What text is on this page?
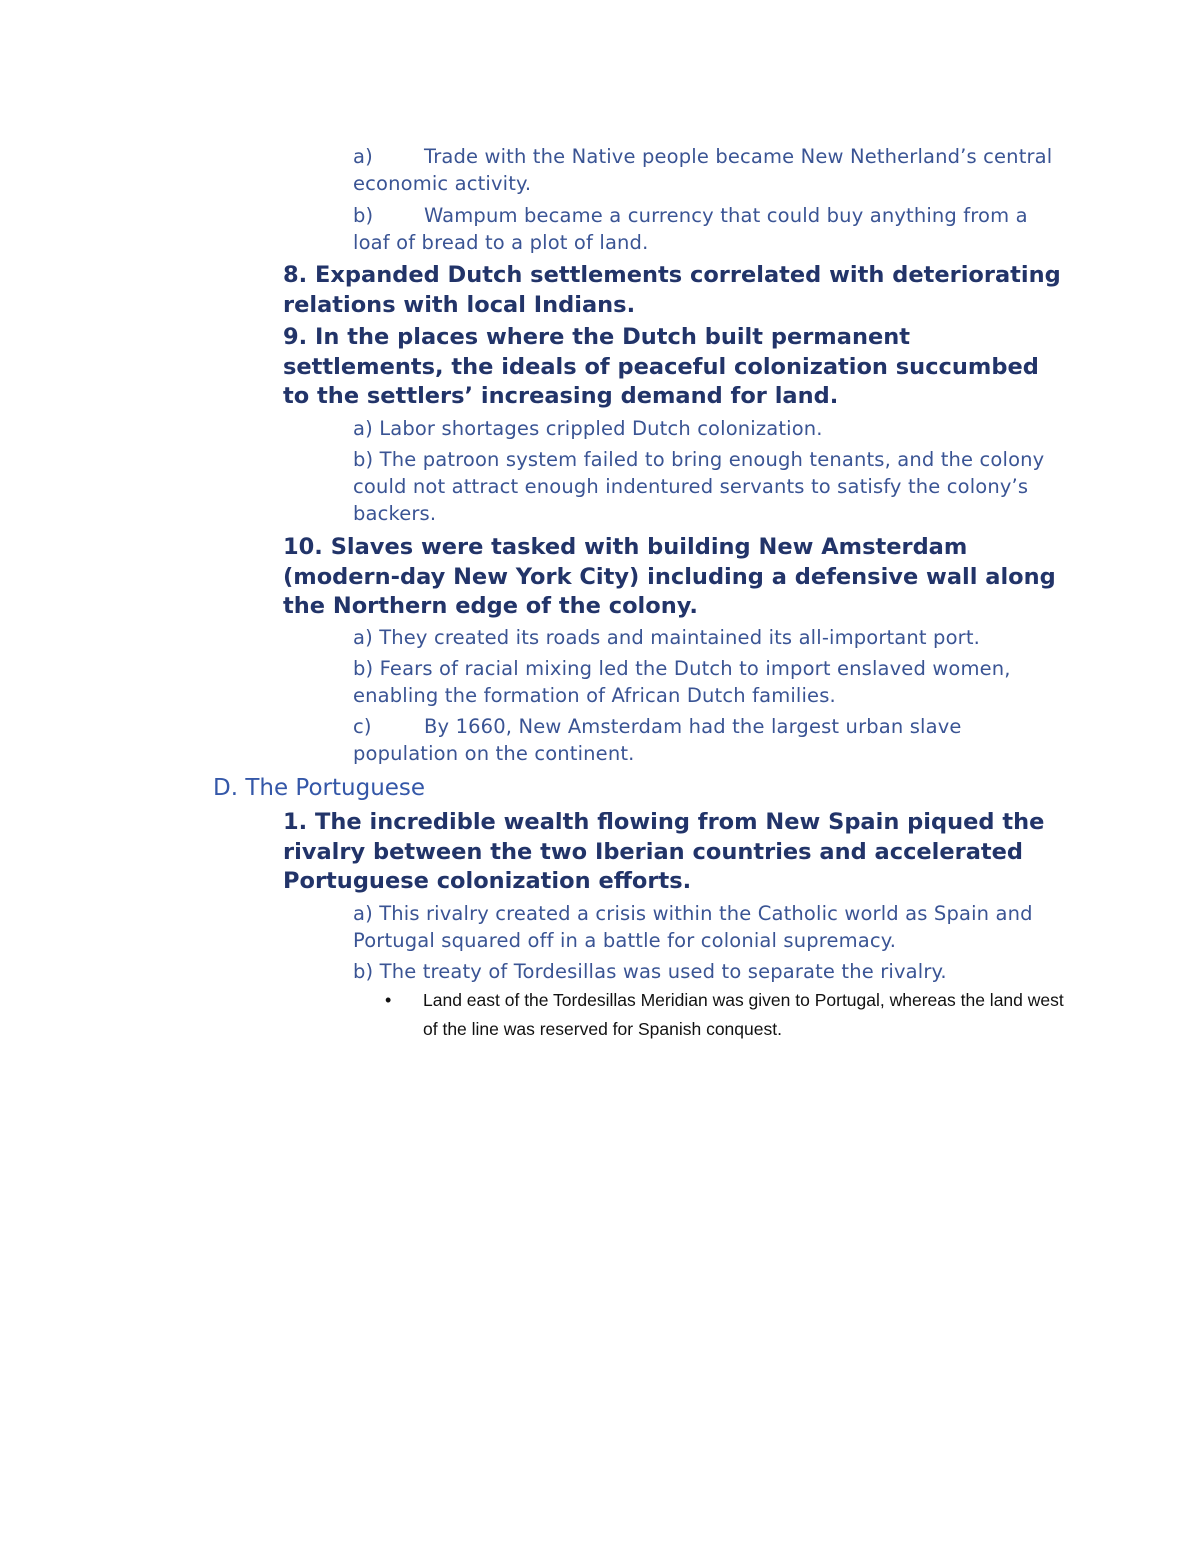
a)	Trade with the Native people became New Netherland’s central economic activity.

b)	Wampum became a currency that could buy anything from a loaf of bread to a plot of land.

8. Expanded Dutch settlements correlated with deteriorating relations with local Indians.

9. In the places where the Dutch built permanent settlements, the ideals of peaceful colonization succumbed to the settlers’ increasing demand for land.

a) Labor shortages crippled Dutch colonization.

b) The patroon system failed to bring enough tenants, and the colony could not attract enough indentured servants to satisfy the colony’s backers.

10. Slaves were tasked with building New Amsterdam (modern-day New York City) including a defensive wall along the Northern edge of the colony.

a) They created its roads and maintained its all-important port.

b) Fears of racial mixing led the Dutch to import enslaved women, enabling the formation of African Dutch families.

c)	By 1660, New Amsterdam had the largest urban slave population on the continent.

D. The Portuguese

1. The incredible wealth flowing from New Spain piqued the rivalry between the two Iberian countries and accelerated Portuguese colonization efforts.

a) This rivalry created a crisis within the Catholic world as Spain and Portugal squared off in a battle for colonial supremacy.

b) The treaty of Tordesillas was used to separate the rivalry.

•	Land east of the Tordesillas Meridian was given to Portugal, whereas the land west of the line was reserved for Spanish conquest.
